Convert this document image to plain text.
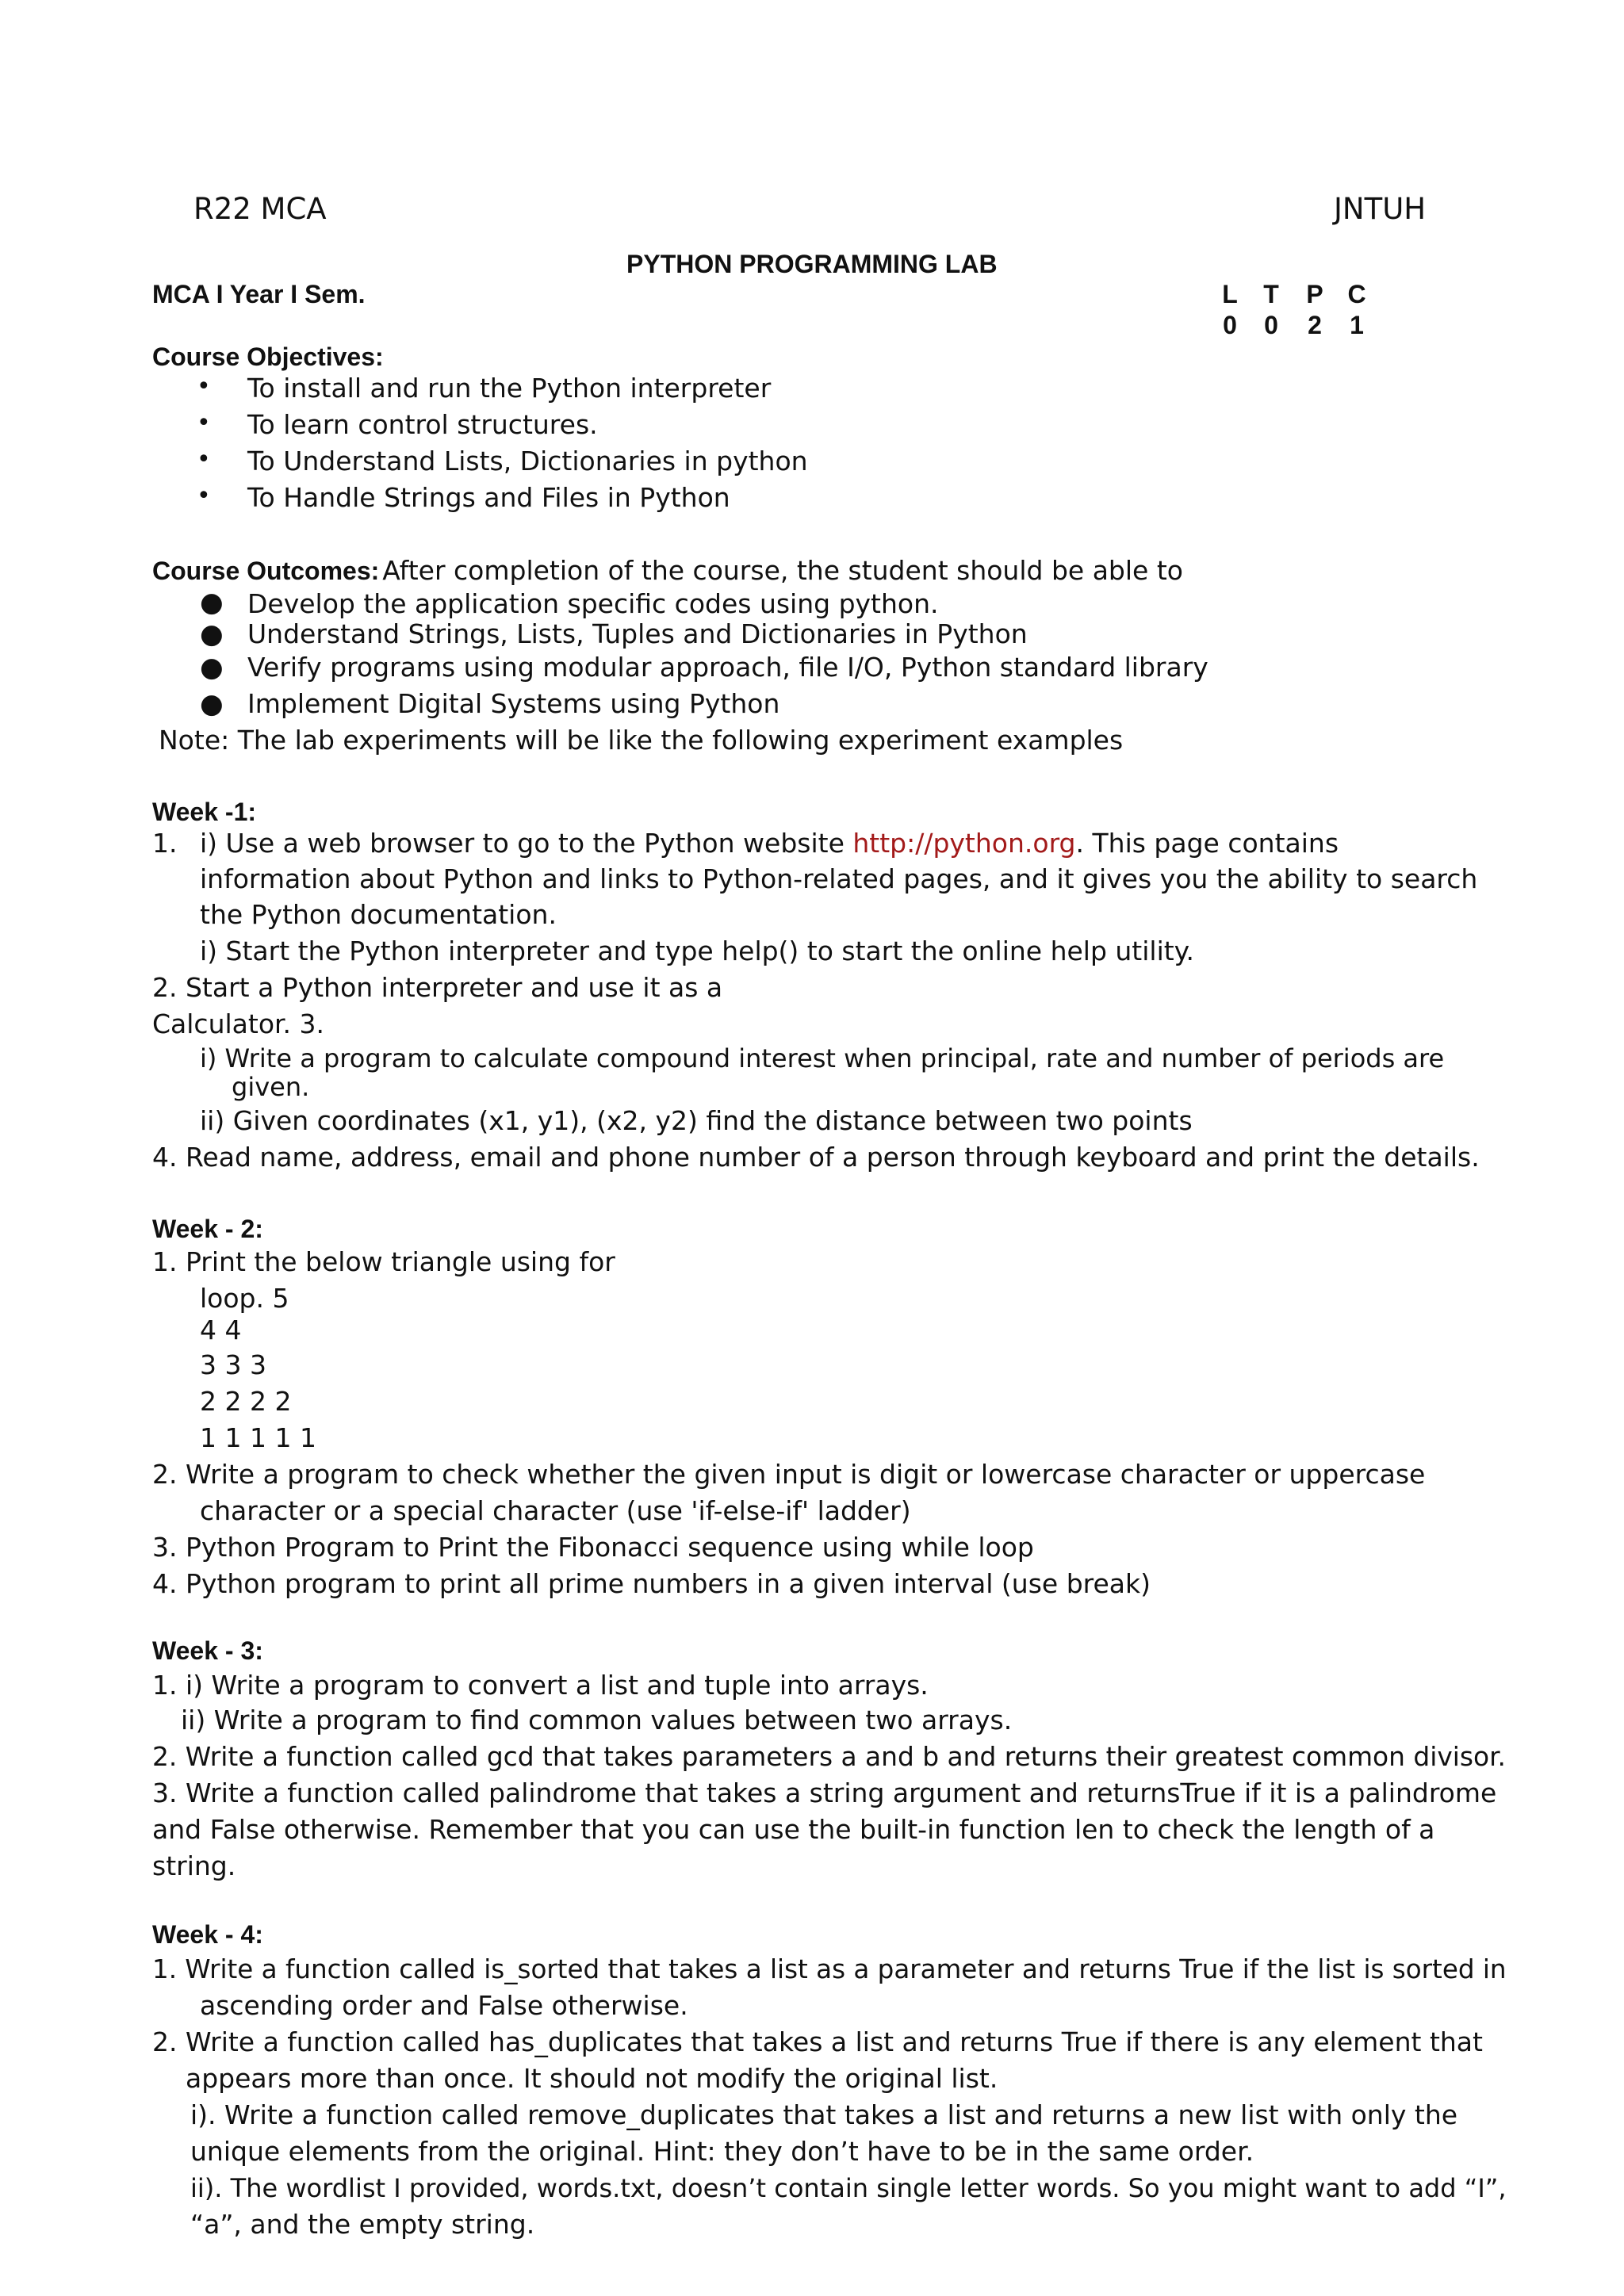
R22 MCA	JNTUH
PYTHON PROGRAMMING LAB
MCA I Year I Sem.	L T P C
0 0 2 1
Course Objectives:
• To install and run the Python interpreter
• To learn control structures.
• To Understand Lists, Dictionaries in python
• To Handle Strings and Files in Python
Course Outcomes: After completion of the course, the student should be able to
● Develop the application specific codes using python.
● Understand Strings, Lists, Tuples and Dictionaries in Python
● Verify programs using modular approach, file I/O, Python standard library
● Implement Digital Systems using Python
Note: The lab experiments will be like the following experiment examples
Week -1:
1. i) Use a web browser to go to the Python website http://python.org. This page contains
information about Python and links to Python-related pages, and it gives you the ability to search
the Python documentation.
i) Start the Python interpreter and type help() to start the online help utility.
2. Start a Python interpreter and use it as a
Calculator. 3.
i) Write a program to calculate compound interest when principal, rate and number of periods are
given.
ii) Given coordinates (x1, y1), (x2, y2) find the distance between two points
4. Read name, address, email and phone number of a person through keyboard and print the details.
Week - 2:
1. Print the below triangle using for
loop. 5
4 4
3 3 3
2 2 2 2
1 1 1 1 1
2. Write a program to check whether the given input is digit or lowercase character or uppercase
character or a special character (use 'if-else-if' ladder)
3. Python Program to Print the Fibonacci sequence using while loop
4. Python program to print all prime numbers in a given interval (use break)
Week - 3:
1. i) Write a program to convert a list and tuple into arrays.
ii) Write a program to find common values between two arrays.
2. Write a function called gcd that takes parameters a and b and returns their greatest common divisor.
3. Write a function called palindrome that takes a string argument and returnsTrue if it is a palindrome
and False otherwise. Remember that you can use the built-in function len to check the length of a
string.
Week - 4:
1. Write a function called is_sorted that takes a list as a parameter and returns True if the list is sorted in
ascending order and False otherwise.
2. Write a function called has_duplicates that takes a list and returns True if there is any element that
appears more than once. It should not modify the original list.
i). Write a function called remove_duplicates that takes a list and returns a new list with only the
unique elements from the original. Hint: they don’t have to be in the same order.
ii). The wordlist I provided, words.txt, doesn’t contain single letter words. So you might want to add “I”,
“a”, and the empty string.
